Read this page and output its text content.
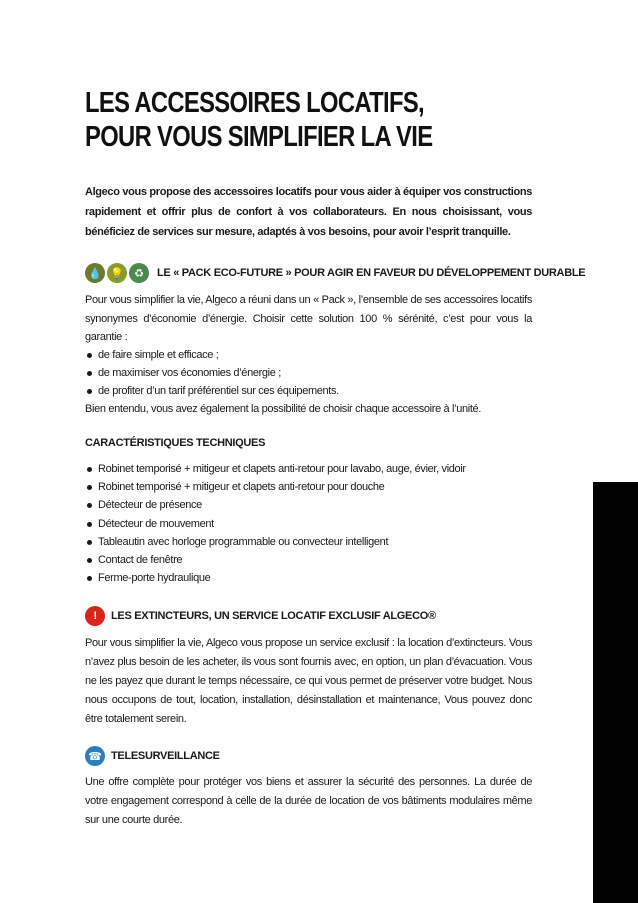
LES ACCESSOIRES LOCATIFS,
POUR VOUS SIMPLIFIER LA VIE

Algeco vous propose des accessoires locatifs pour vous aider à équiper vos constructions rapidement et offrir plus de confort à vos collaborateurs. En nous choisissant, vous bénéficiez de services sur mesure, adaptés à vos besoins, pour avoir l’esprit tranquille.

💧 💡 ♻	LE « PACK ECO-FUTURE » POUR AGIR EN FAVEUR DU DÉVELOPPEMENT DURABLE

Pour vous simplifier la vie, Algeco a réuni dans un « Pack », l’ensemble de ses accessoires locatifs synonymes d’économie d’énergie. Choisir cette solution 100 % sérénité, c’est pour vous la garantie :

de faire simple et efficace ;
de maximiser vos économies d’énergie ;
de profiter d’un tarif préférentiel sur ces équipements.

Bien entendu, vous avez également la possibilité de choisir chaque accessoire à l’unité.

CARACTÉRISTIQUES TECHNIQUES
Robinet temporisé + mitigeur et clapets anti-retour pour lavabo, auge, évier, vidoir
Robinet temporisé + mitigeur et clapets anti-retour pour douche
Détecteur de présence
Détecteur de mouvement
Tableautin avec horloge programmable ou convecteur intelligent
Contact de fenêtre
Ferme-porte hydraulique
!	LES EXTINCTEURS, UN SERVICE LOCATIF EXCLUSIF ALGECO®

Pour vous simplifier la vie, Algeco vous propose un service exclusif : la location d’extincteurs. Vous n’avez plus besoin de les acheter, ils vous sont fournis avec, en option, un plan d’évacuation. Vous ne les payez que durant le temps nécessaire, ce qui vous permet de préserver votre budget. Nous nous occupons de tout, location, installation, désinstallation et maintenance, Vous pouvez donc être totalement serein.

☎ TELESURVEILLANCE

Une offre complète pour protéger vos biens et assurer la sécurité des personnes. La durée de votre engagement correspond à celle de la durée de location de vos bâtiments modulaires même sur une courte durée.
